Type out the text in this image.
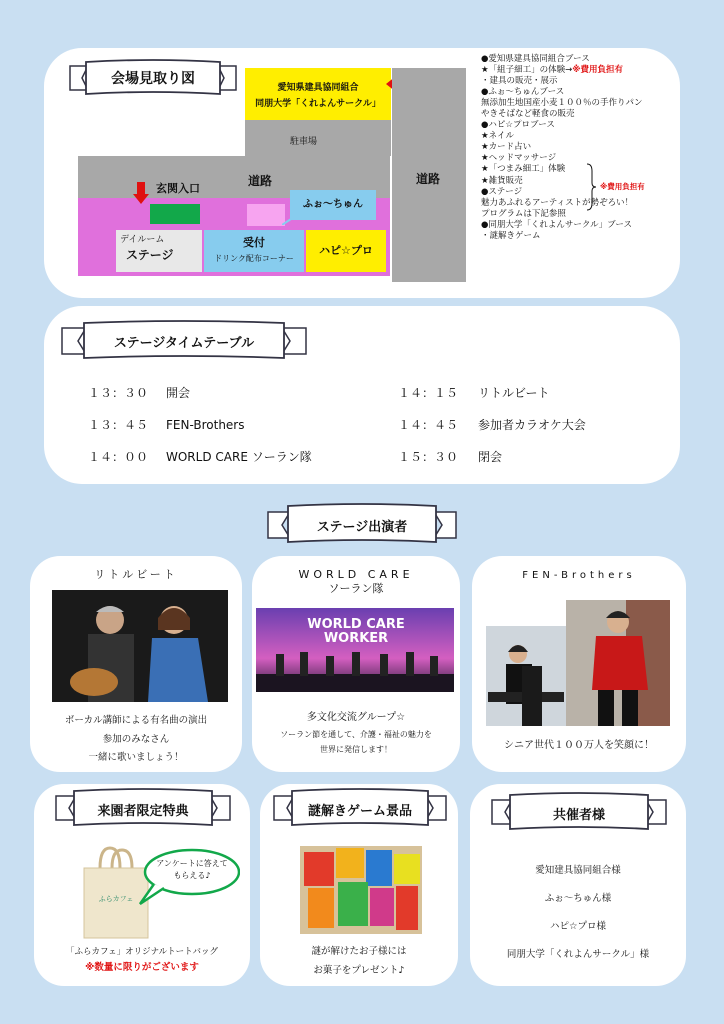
会場見取り図
愛知県建具協同組合
同朋大学「くれよんサークル」
駐車場
道路	道路
玄関入口
ふぉ～ちゅん
デイルーム
ステージ
受付
ドリンク配布コーナー
ハピ☆プロ
●愛知県建具協同組合ブース
★「組子細工」の体験→※費用負担有
・建具の販売・展示
●ふぉ～ちゅんブース
無添加生地国産小麦１００％の手作りパン
やきそばなど軽食の販売
●ハピ☆プロブース
★ネイル
★カード占い
★ヘッドマッサージ
★「つまみ細工」体験
★雑貨販売
●ステージ
魅力あふれるアーティストが勢ぞろい！
プログラムは下記参照
●同朋大学「くれよんサークル」ブース
・謎解きゲーム
※費用負担有
ステージタイムテーブル
１３：３０ 開会
１３：４５ FEN-Brothers
１４：００ WORLD CARE ソーラン隊
１４：１５ リトルビート
１４：４５ 参加者カラオケ大会
１５：３０ 閉会
ステージ出演者
リトルビート
ボーカル講師による有名曲の演出
参加のみなさん
一緒に歌いましょう！
WORLD CARE
ソーラン隊
WORLD CARE WORKER
多文化交流グループ☆
ソーラン節を通して、介護・福祉の魅力を
世界に発信します！
FEN-Brothers
シニア世代１００万人を笑顔に！
来園者限定特典
ふらカフェ
アンケートに答えて
もらえる♪
「ふらカフェ」オリジナルトートバッグ
※数量に限りがございます
謎解きゲーム景品
謎が解けたお子様には
お菓子をプレゼント♪
共催者様
愛知建具協同組合様
ふぉ～ちゅん様
ハピ☆プロ様
同朋大学「くれよんサークル」様
